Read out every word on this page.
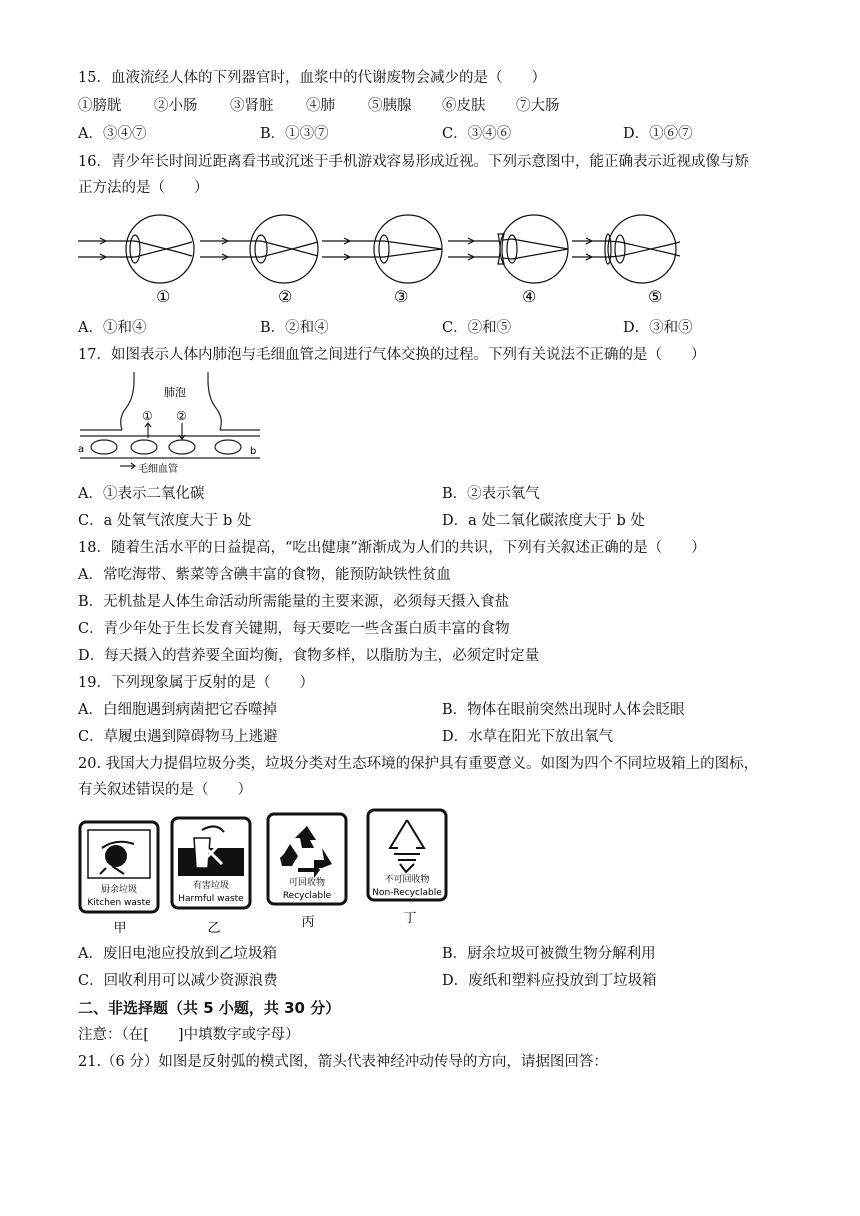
15．血液流经人体的下列器官时，血浆中的代谢废物会减少的是（　　）
①膀胱 ②小肠 ③肾脏 ④肺 ⑤胰腺 ⑥皮肤 ⑦大肠
A．③④⑦	B．①③⑦	C．③④⑥	D．①⑥⑦
16．青少年长时间近距离看书或沉迷于手机游戏容易形成近视。下列示意图中，能正确表示近视成像与矫
正方法的是（　　）
①	②	③	④	⑤
A．①和④	B．②和④	C．②和⑤	D．③和⑤
17．如图表示人体内肺泡与毛细血管之间进行气体交换的过程。下列有关说法不正确的是（　　）
肺泡
① ②
a	b
毛细血管
A．①表示二氧化碳	B．②表示氧气
C．a 处氧气浓度大于 b 处	D．a 处二氧化碳浓度大于 b 处
18．随着生活水平的日益提高，“吃出健康”渐渐成为人们的共识，下列有关叙述正确的是（　　）
A．常吃海带、紫菜等含碘丰富的食物，能预防缺铁性贫血
B．无机盐是人体生命活动所需能量的主要来源，必须每天摄入食盐
C．青少年处于生长发育关键期，每天要吃一些含蛋白质丰富的食物
D．每天摄入的营养要全面均衡，食物多样，以脂肪为主，必须定时定量
19．下列现象属于反射的是（　　）
A．白细胞遇到病菌把它吞噬掉	B．物体在眼前突然出现时人体会眨眼
C．草履虫遇到障碍物马上逃避	D．水草在阳光下放出氧气
20. 我国大力提倡垃圾分类，垃圾分类对生态环境的保护具有重要意义。如图为四个不同垃圾箱上的图标，
有关叙述错误的是（　　）
厨余垃圾
Kitchen waste
有害垃圾
Harmful waste
可回收物
Recyclable
不可回收物
Non-Recyclable
甲	乙	丙	丁
A．废旧电池应投放到乙垃圾箱	B．厨余垃圾可被微生物分解利用
C．回收利用可以减少资源浪费	D．废纸和塑料应投放到丁垃圾箱
二、非选择题（共 5 小题，共 30 分）
注意：（在[　　]中填数字或字母）
21.（6 分）如图是反射弧的模式图，箭头代表神经冲动传导的方向，请据图回答：
